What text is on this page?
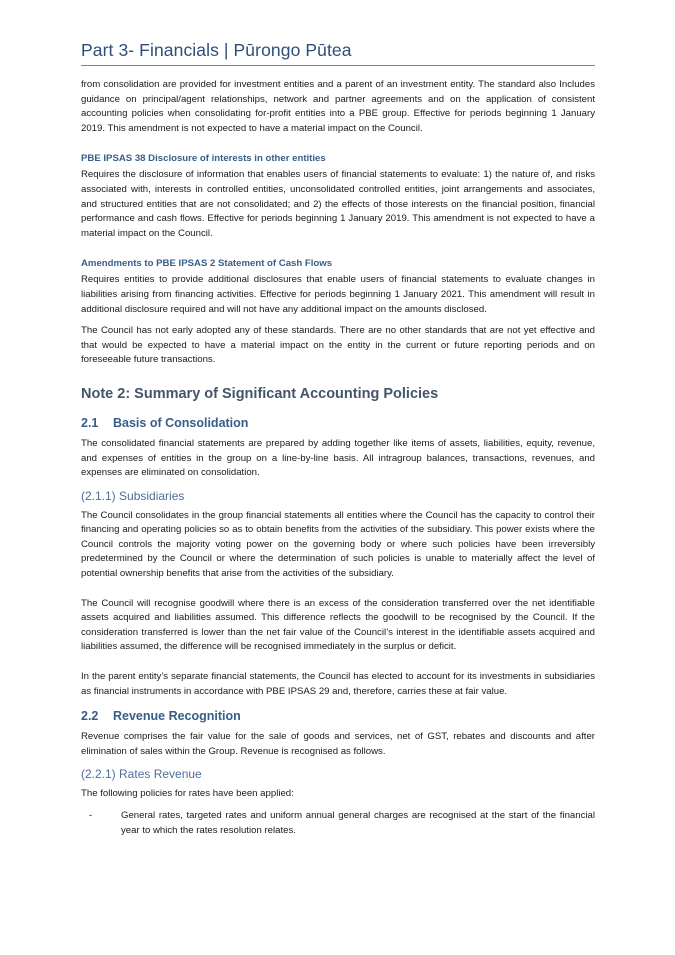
Part 3- Financials | Pūrongo Pūtea

from consolidation are provided for investment entities and a parent of an investment entity. The standard also Includes guidance on principal/agent relationships, network and partner agreements and on the application of consistent accounting policies when consolidating for-profit entities into a PBE group. Effective for periods beginning 1 January 2019. This amendment is not expected to have a material impact on the Council.

PBE IPSAS 38 Disclosure of interests in other entities

Requires the disclosure of information that enables users of financial statements to evaluate: 1) the nature of, and risks associated with, interests in controlled entities, unconsolidated controlled entities, joint arrangements and associates, and structured entities that are not consolidated; and 2) the effects of those interests on the financial position, financial performance and cash flows. Effective for periods beginning 1 January 2019. This amendment is not expected to have a material impact on the Council.

Amendments to PBE IPSAS 2 Statement of Cash Flows

Requires entities to provide additional disclosures that enable users of financial statements to evaluate changes in liabilities arising from financing activities. Effective for periods beginning 1 January 2021. This amendment will result in additional disclosure required and will not have any additional impact on the amounts disclosed.

The Council has not early adopted any of these standards. There are no other standards that are not yet effective and that would be expected to have a material impact on the entity in the current or future reporting periods and on foreseeable future transactions.

Note 2: Summary of Significant Accounting Policies
2.1 Basis of Consolidation

The consolidated financial statements are prepared by adding together like items of assets, liabilities, equity, revenue, and expenses of entities in the group on a line-by-line basis. All intragroup balances, transactions, revenues, and expenses are eliminated on consolidation.

(2.1.1) Subsidiaries

The Council consolidates in the group financial statements all entities where the Council has the capacity to control their financing and operating policies so as to obtain benefits from the activities of the subsidiary. This power exists where the Council controls the majority voting power on the governing body or where such policies have been irreversibly predetermined by the Council or where the determination of such policies is unable to materially affect the level of potential ownership benefits that arise from the activities of the subsidiary.

The Council will recognise goodwill where there is an excess of the consideration transferred over the net identifiable assets acquired and liabilities assumed. This difference reflects the goodwill to be recognised by the Council. If the consideration transferred is lower than the net fair value of the Council’s interest in the identifiable assets acquired and liabilities assumed, the difference will be recognised immediately in the surplus or deficit.

In the parent entity’s separate financial statements, the Council has elected to account for its investments in subsidiaries as financial instruments in accordance with PBE IPSAS 29 and, therefore, carries these at fair value.

2.2 Revenue Recognition

Revenue comprises the fair value for the sale of goods and services, net of GST, rebates and discounts and after elimination of sales within the Group. Revenue is recognised as follows.

(2.2.1) Rates Revenue

The following policies for rates have been applied:

-	General rates, targeted rates and uniform annual general charges are recognised at the start of the financial year to which the rates resolution relates.
